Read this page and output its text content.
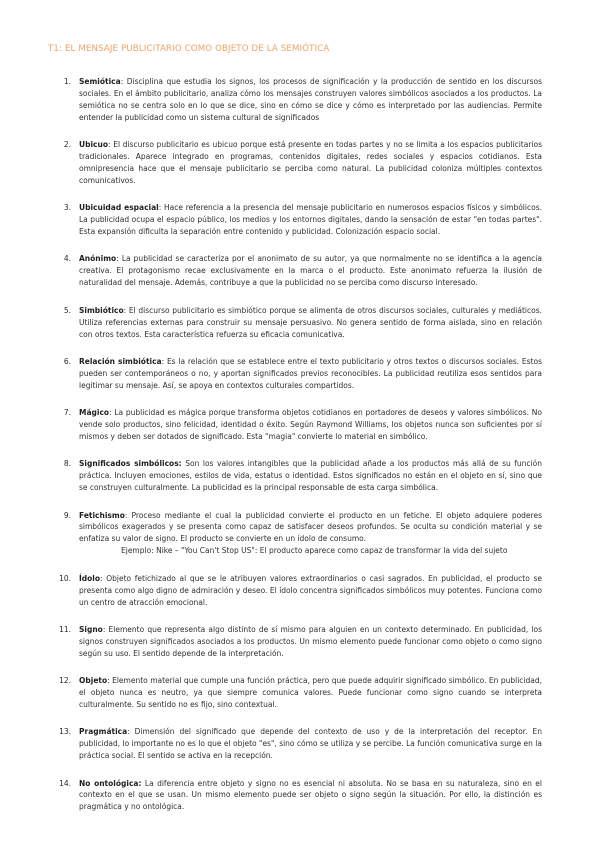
T1: EL MENSAJE PUBLICITARIO COMO OBJETO DE LA SEMIÓTICA
1.	Semiótica: Disciplina que estudia los signos, los procesos de significación y la producción de sentido en los discursos sociales. En el ámbito publicitario, analiza cómo los mensajes construyen valores simbólicos asociados a los productos. La semiótica no se centra solo en lo que se dice, sino en cómo se dice y cómo es interpretado por las audiencias. Permite entender la publicidad como un sistema cultural de significados
2.	Ubicuo: El discurso publicitario es ubicuo porque está presente en todas partes y no se limita a los espacios publicitarios tradicionales. Aparece integrado en programas, contenidos digitales, redes sociales y espacios cotidianos. Esta omnipresencia hace que el mensaje publicitario se perciba como natural. La publicidad coloniza múltiples contextos comunicativos.
3.	Ubicuidad espacial: Hace referencia a la presencia del mensaje publicitario en numerosos espacios físicos y simbólicos. La publicidad ocupa el espacio público, los medios y los entornos digitales, dando la sensación de estar "en todas partes". Esta expansión dificulta la separación entre contenido y publicidad. Colonización espacio social.
4.	Anónimo: La publicidad se caracteriza por el anonimato de su autor, ya que normalmente no se identifica a la agencia creativa. El protagonismo recae exclusivamente en la marca o el producto. Este anonimato refuerza la ilusión de naturalidad del mensaje. Además, contribuye a que la publicidad no se perciba como discurso interesado.
5.	Simbiótico: El discurso publicitario es simbiótico porque se alimenta de otros discursos sociales, culturales y mediáticos. Utiliza referencias externas para construir su mensaje persuasivo. No genera sentido de forma aislada, sino en relación con otros textos. Esta característica refuerza su eficacia comunicativa.
6.	Relación simbiótica: Es la relación que se establece entre el texto publicitario y otros textos o discursos sociales. Estos pueden ser contemporáneos o no, y aportan significados previos reconocibles. La publicidad reutiliza esos sentidos para legitimar su mensaje. Así, se apoya en contextos culturales compartidos.
7.	Mágico: La publicidad es mágica porque transforma objetos cotidianos en portadores de deseos y valores simbólicos. No vende solo productos, sino felicidad, identidad o éxito. Según Raymond Williams, los objetos nunca son suficientes por sí mismos y deben ser dotados de significado. Esta "magia" convierte lo material en simbólico.
8.	Significados simbólicos: Son los valores intangibles que la publicidad añade a los productos más allá de su función práctica. Incluyen emociones, estilos de vida, estatus o identidad. Estos significados no están en el objeto en sí, sino que se construyen culturalmente. La publicidad es la principal responsable de esta carga simbólica.
9.	Fetichismo: Proceso mediante el cual la publicidad convierte el producto en un fetiche. El objeto adquiere poderes simbólicos exagerados y se presenta como capaz de satisfacer deseos profundos. Se oculta su condición material y se enfatiza su valor de signo. El producto se convierte en un ídolo de consumo.
Ejemplo: Nike – "You Can't Stop US": El producto aparece como capaz de transformar la vida del sujeto
10.	Ídolo: Objeto fetichizado al que se le atribuyen valores extraordinarios o casi sagrados. En publicidad, el producto se presenta como algo digno de admiración y deseo. El ídolo concentra significados simbólicos muy potentes. Funciona como un centro de atracción emocional.
11.	Signo: Elemento que representa algo distinto de sí mismo para alguien en un contexto determinado. En publicidad, los signos construyen significados asociados a los productos. Un mismo elemento puede funcionar como objeto o como signo según su uso. El sentido depende de la interpretación.
12.	Objeto: Elemento material que cumple una función práctica, pero que puede adquirir significado simbólico. En publicidad, el objeto nunca es neutro, ya que siempre comunica valores. Puede funcionar como signo cuando se interpreta culturalmente. Su sentido no es fijo, sino contextual.
13.	Pragmática: Dimensión del significado que depende del contexto de uso y de la interpretación del receptor. En publicidad, lo importante no es lo que el objeto "es", sino cómo se utiliza y se percibe. La función comunicativa surge en la práctica social. El sentido se activa en la recepción.
14.	No ontológica: La diferencia entre objeto y signo no es esencial ni absoluta. No se basa en su naturaleza, sino en el contexto en el que se usan. Un mismo elemento puede ser objeto o signo según la situación. Por ello, la distinción es pragmática y no ontológica.
